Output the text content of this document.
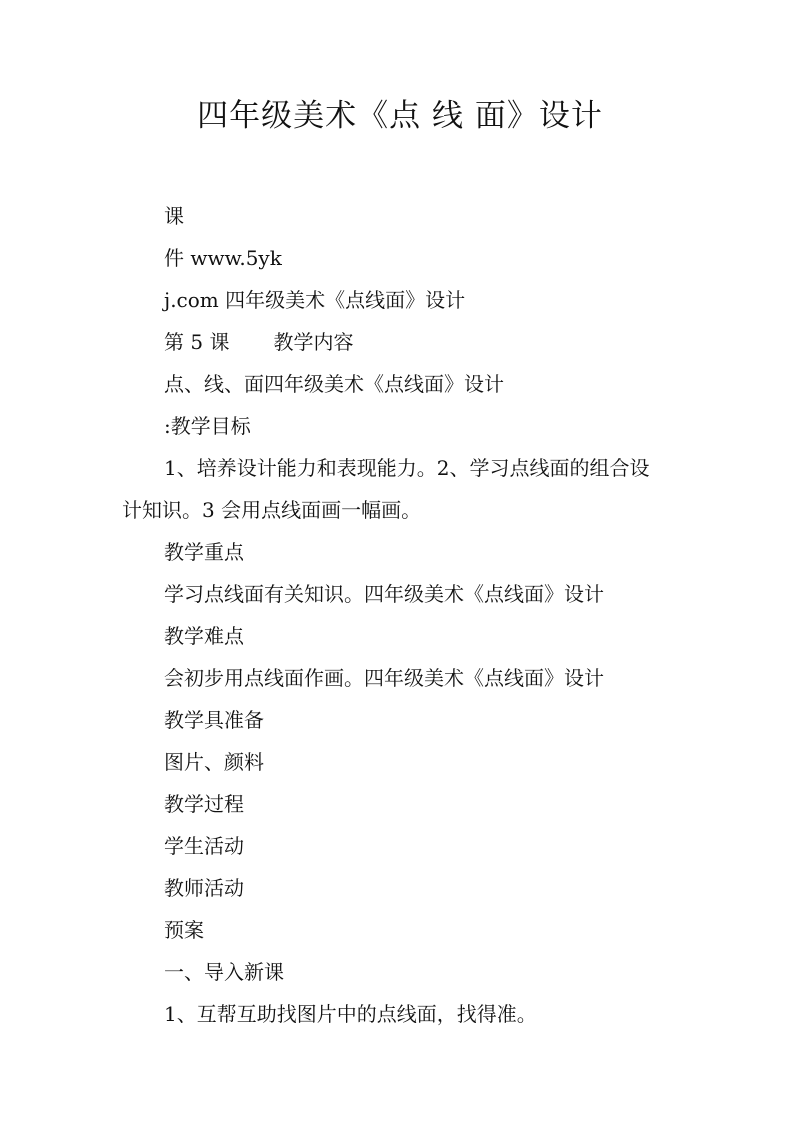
四年级美术《点 线 面》设计
课
件 www.5yk
j.com 四年级美术《点线面》设计
第 5 课 教学内容
点、线、面四年级美术《点线面》设计
:教学目标
1、培养设计能力和表现能力。2、学习点线面的组合设
计知识。3 会用点线面画一幅画。
教学重点
学习点线面有关知识。四年级美术《点线面》设计
教学难点
会初步用点线面作画。四年级美术《点线面》设计
教学具准备
图片、颜料
教学过程
学生活动
教师活动
预案
一、导入新课
1、互帮互助找图片中的点线面，找得准。
